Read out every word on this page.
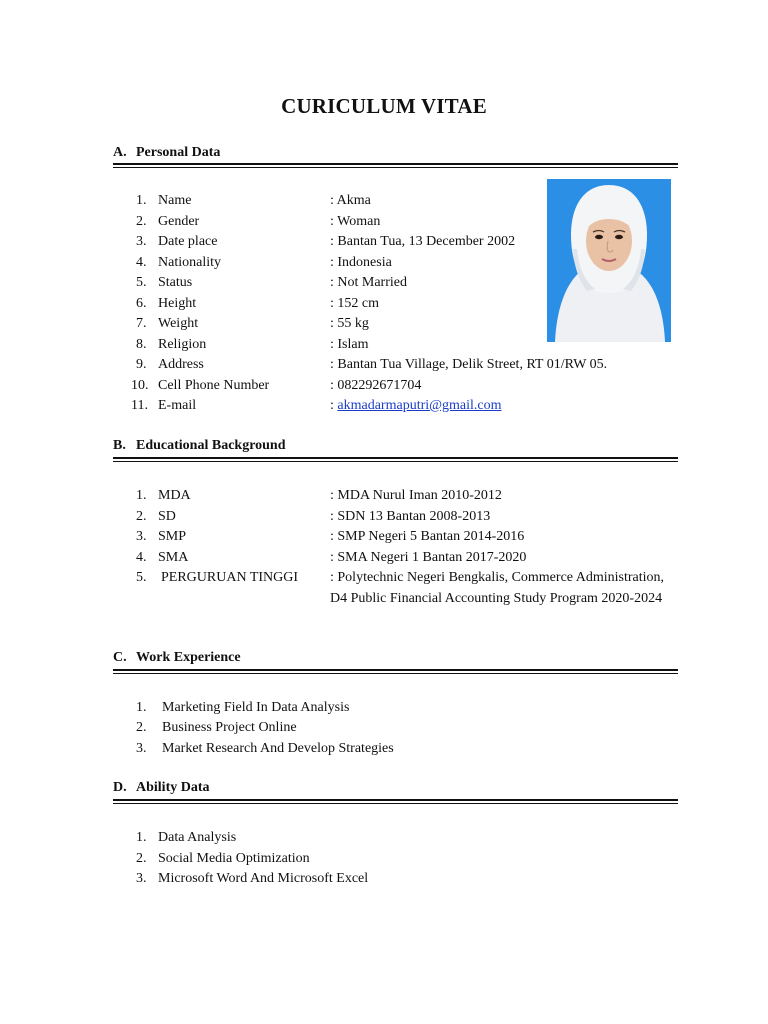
CURICULUM VITAE
A. Personal Data
1. Name	: Akma
2. Gender	: Woman
3. Date place	: Bantan Tua, 13 December 2002
4. Nationality	: Indonesia
5. Status	: Not Married
6. Height	: 152 cm
7. Weight	: 55 kg
8. Religion	: Islam
9. Address	: Bantan Tua Village, Delik Street, RT 01/RW 05.
10. Cell Phone Number	: 082292671704
11. E-mail	: akmadarmaputri@gmail.com
B. Educational Background
1. MDA	: MDA Nurul Iman 2010-2012
2. SD	: SDN 13 Bantan 2008-2013
3. SMP	: SMP Negeri 5 Bantan 2014-2016
4. SMA	: SMA Negeri 1 Bantan 2017-2020
5. PERGURUAN TINGGI : Polytechnic Negeri Bengkalis, Commerce Administration, D4 Public Financial Accounting Study Program 2020-2024
C. Work Experience
1. Marketing Field In Data Analysis
2. Business Project Online
3. Market Research And Develop Strategies
D. Ability Data
1. Data Analysis
2. Social Media Optimization
3. Microsoft Word And Microsoft Excel
